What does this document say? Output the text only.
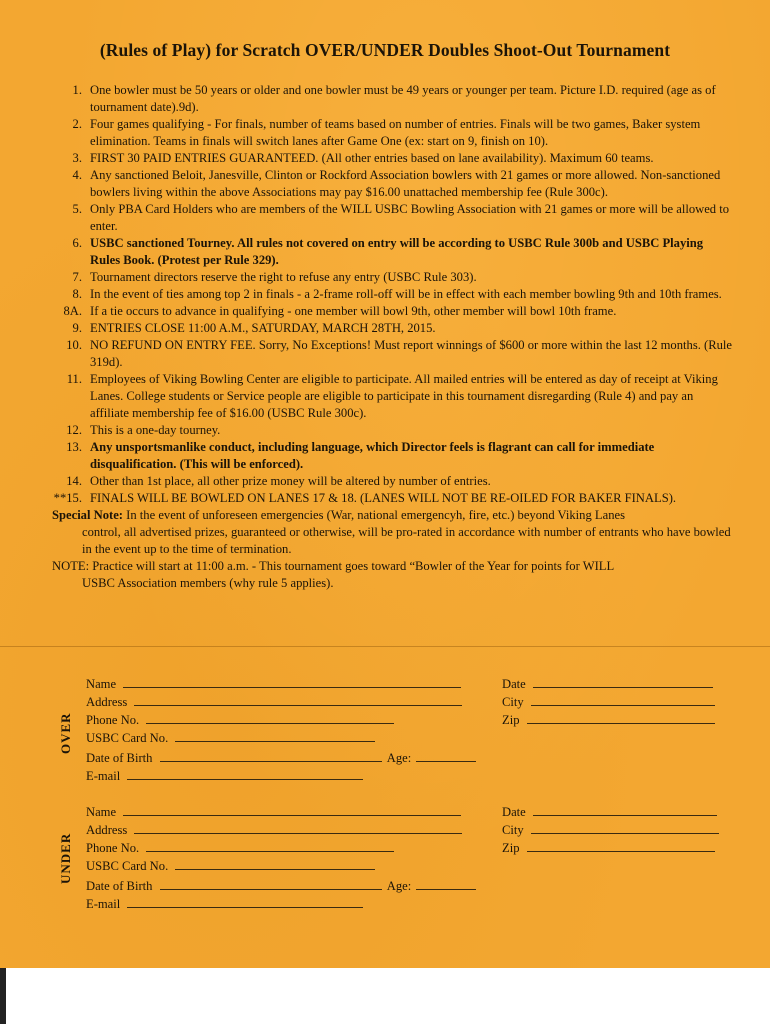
(Rules of Play) for Scratch OVER/UNDER Doubles Shoot-Out Tournament
1. One bowler must be 50 years or older and one bowler must be 49 years or younger per team. Picture I.D. required (age as of tournament date).9d).
2. Four games qualifying - For finals, number of teams based on number of entries. Finals will be two games, Baker system elimination. Teams in finals will switch lanes after Game One (ex: start on 9, finish on 10).
3. FIRST 30 PAID ENTRIES GUARANTEED. (All other entries based on lane availability). Maximum 60 teams.
4. Any sanctioned Beloit, Janesville, Clinton or Rockford Association bowlers with 21 games or more allowed. Non-sanctioned bowlers living within the above Associations may pay $16.00 unattached membership fee (Rule 300c).
5. Only PBA Card Holders who are members of the WILL USBC Bowling Association with 21 games or more will be allowed to enter.
6. USBC sanctioned Tourney. All rules not covered on entry will be according to USBC Rule 300b and USBC Playing Rules Book. (Protest per Rule 329).
7. Tournament directors reserve the right to refuse any entry (USBC Rule 303).
8. In the event of ties among top 2 in finals - a 2-frame roll-off will be in effect with each member bowling 9th and 10th frames.
8A. If a tie occurs to advance in qualifying - one member will bowl 9th, other member will bowl 10th frame.
9. ENTRIES CLOSE 11:00 A.M., SATURDAY, MARCH 28TH, 2015.
10. NO REFUND ON ENTRY FEE. Sorry, No Exceptions! Must report winnings of $600 or more within the last 12 months. (Rule 319d).
11. Employees of Viking Bowling Center are eligible to participate. All mailed entries will be entered as day of receipt at Viking Lanes. College students or Service people are eligible to participate in this tournament disregarding (Rule 4) and pay an affiliate membership fee of $16.00 (USBC Rule 300c).
12. This is a one-day tourney.
13. Any unsportsmanlike conduct, including language, which Director feels is flagrant can call for immediate disqualification. (This will be enforced).
14. Other than 1st place, all other prize money will be altered by number of entries.
**15. FINALS WILL BE BOWLED ON LANES 17 & 18. (LANES WILL NOT BE RE-OILED FOR BAKER FINALS).
Special Note: In the event of unforeseen emergencies (War, national emergencyh, fire, etc.) beyond Viking Lanes
control, all advertised prizes, guaranteed or otherwise, will be pro-rated in accordance with number of entrants who have bowled in the event up to the time of termination.
NOTE: Practice will start at 11:00 a.m. - This tournament goes toward “Bowler of the Year for points for WILL
USBC Association members (why rule 5 applies).
OVER
Name
Address
Phone No.
USBC Card No.
Date of Birth	Age:
E-mail
Date
City
Zip
UNDER
Name
Address
Phone No.
USBC Card No.
Date of Birth	Age:
E-mail
Date
City
Zip
